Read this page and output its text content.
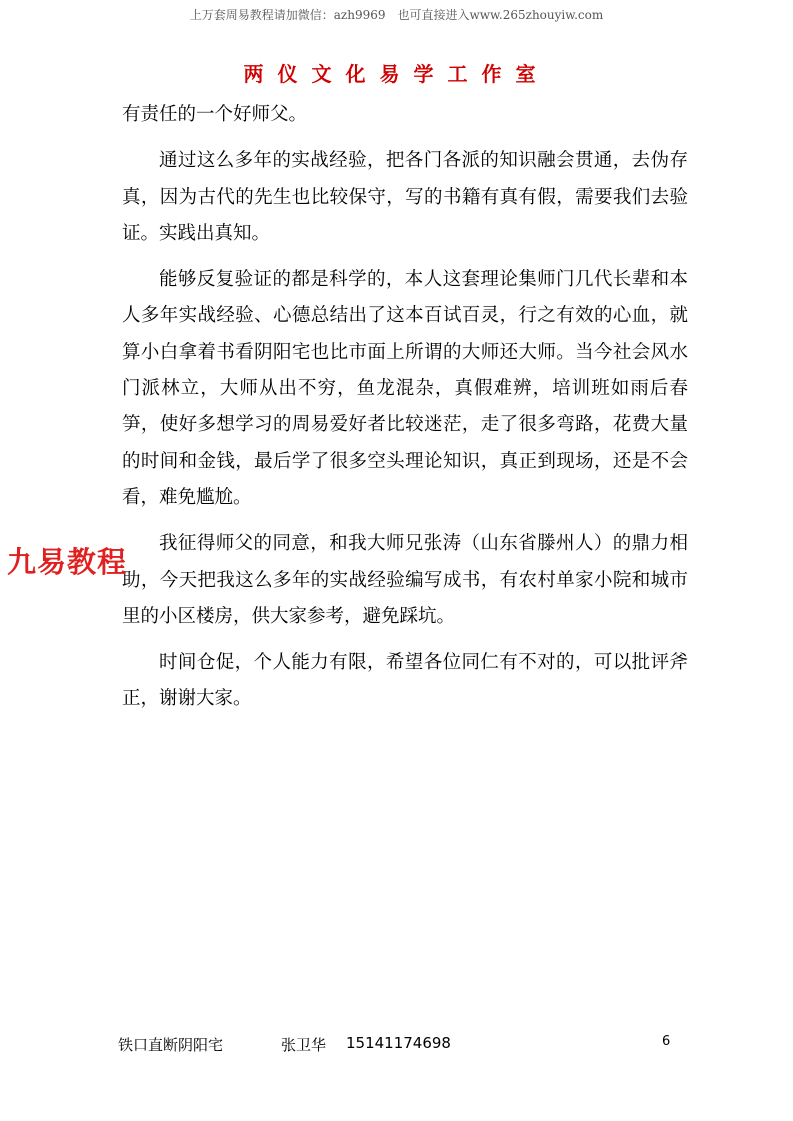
上万套周易教程请加微信：azh9969　也可直接进入www.265zhouyiw.com
两仪文化易学工作室

有责任的一个好师父。

通过这么多年的实战经验，把各门各派的知识融会贯通，去伪存真，因为古代的先生也比较保守，写的书籍有真有假，需要我们去验证。实践出真知。

能够反复验证的都是科学的，本人这套理论集师门几代长辈和本人多年实战经验、心德总结出了这本百试百灵，行之有效的心血，就算小白拿着书看阴阳宅也比市面上所谓的大师还大师。当今社会风水门派林立，大师从出不穷，鱼龙混杂，真假难辨，培训班如雨后春笋，使好多想学习的周易爱好者比较迷茫，走了很多弯路，花费大量的时间和金钱，最后学了很多空头理论知识，真正到现场，还是不会看，难免尴尬。

我征得师父的同意，和我大师兄张涛（山东省滕州人）的鼎力相助，今天把我这么多年的实战经验编写成书，有农村单家小院和城市里的小区楼房，供大家参考，避免踩坑。

时间仓促，个人能力有限，希望各位同仁有不对的，可以批评斧正，谢谢大家。

九易教程
铁口直断阴阳宅	张卫华 15141174698	6
